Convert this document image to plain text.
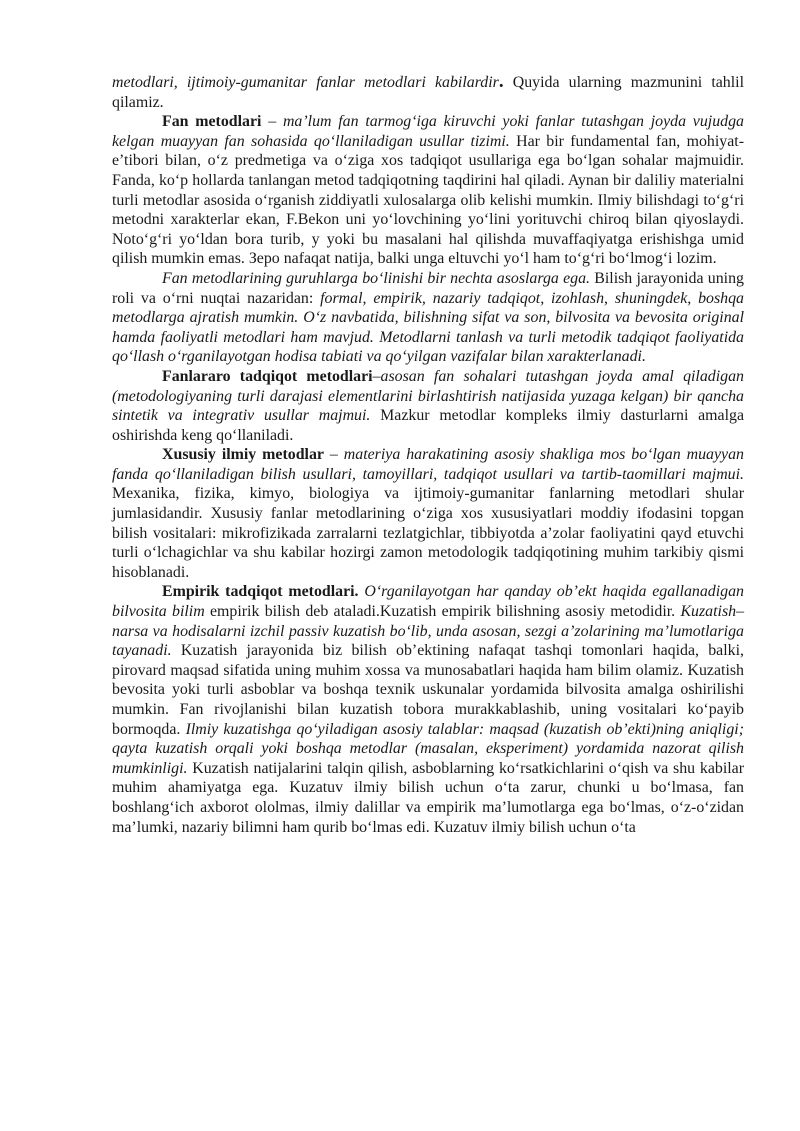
metodlari, ijtimoiy-gumanitar fanlar metodlari kabilardir. Quyida ularning mazmunini tahlil qilamiz.

Fan metodlari – ma’lum fan tarmog‘iga kiruvchi yoki fanlar tutashgan joyda vujudga kelgan muayyan fan sohasida qo‘llaniladigan usullar tizimi. Har bir fundamental fan, mohiyat-e’tibori bilan, o‘z predmetiga va o‘ziga xos tadqiqot usullariga ega bo‘lgan sohalar majmuidir. Fanda, ko‘p hollarda tanlangan metod tadqiqotning taqdirini hal qiladi. Aynan bir daliliy materialni turli metodlar asosida o‘rganish ziddiyatli xulosalarga olib kelishi mumkin. Ilmiy bilishdagi to‘g‘ri metodni xarakterlar ekan, F.Bekon uni yo‘lovchining yo‘lini yorituvchi chiroq bilan qiyoslaydi. Noto‘g‘ri yo‘ldan bora turib, y yoki bu masalani hal qilishda muvaffaqiyatga erishishga umid qilish mumkin emas. Зepo nafaqat natija, balki unga eltuvchi yo‘l ham to‘g‘ri bo‘lmog‘i lozim.

Fan metodlarining guruhlarga bo‘linishi bir nechta asoslarga ega. Bilish jarayonida uning roli va o‘rni nuqtai nazaridan: formal, empirik, nazariy tadqiqot, izohlash, shuningdek, boshqa metodlarga ajratish mumkin. O‘z navbatida, bilishning sifat va son, bilvosita va bevosita original hamda faoliyatli metodlari ham mavjud. Metodlarni tanlash va turli metodik tadqiqot faoliyatida qo‘llash o‘rganilayotgan hodisa tabiati va qo‘yilgan vazifalar bilan xarakterlanadi.

Fanlararo tadqiqot metodlari–asosan fan sohalari tutashgan joyda amal qiladigan (metodologiyaning turli darajasi elementlarini birlashtirish natijasida yuzaga kelgan) bir qancha sintetik va integrativ usullar majmui. Mazkur metodlar kompleks ilmiy dasturlarni amalga oshirishda keng qo‘llaniladi.

Xususiy ilmiy metodlar – materiya harakatining asosiy shakliga mos bo‘lgan muayyan fanda qo‘llaniladigan bilish usullari, tamoyillari, tadqiqot usullari va tartib-taomillari majmui. Mexanika, fizika, kimyo, biologiya va ijtimoiy-gumanitar fanlarning metodlari shular jumlasidandir. Xususiy fanlar metodlarining o‘ziga xos xususiyatlari moddiy ifodasini topgan bilish vositalari: mikrofizikada zarralarni tezlatgichlar, tibbiyotda a’zolar faoliyatini qayd etuvchi turli o‘lchagichlar va shu kabilar hozirgi zamon metodologik tadqiqotining muhim tarkibiy qismi hisoblanadi.

Empirik tadqiqot metodlari. O‘rganilayotgan har qanday ob’ekt haqida egallanadigan bilvosita bilim empirik bilish deb ataladi.Kuzatish empirik bilishning asosiy metodidir. Kuzatish–narsa va hodisalarni izchil passiv kuzatish bo‘lib, unda asosan, sezgi a’zolarining ma’lumotlariga tayanadi. Kuzatish jarayonida biz bilish ob’ektining nafaqat tashqi tomonlari haqida, balki, pirovard maqsad sifatida uning muhim xossa va munosabatlari haqida ham bilim olamiz. Kuzatish bevosita yoki turli asboblar va boshqa texnik uskunalar yordamida bilvosita amalga oshirilishi mumkin. Fan rivojlanishi bilan kuzatish tobora murakkablashib, uning vositalari ko‘payib bormoqda. Ilmiy kuzatishga qo‘yiladigan asosiy talablar: maqsad (kuzatish ob’ekti)ning aniqligi; qayta kuzatish orqali yoki boshqa metodlar (masalan, eksperiment) yordamida nazorat qilish mumkinligi. Kuzatish natijalarini talqin qilish, asboblarning ko‘rsatkichlarini o‘qish va shu kabilar muhim ahamiyatga ega. Kuzatuv ilmiy bilish uchun o‘ta zarur, chunki u bo‘lmasa, fan boshlang‘ich axborot ololmas, ilmiy dalillar va empirik ma’lumotlarga ega bo‘lmas, o‘z-o‘zidan ma’lumki, nazariy bilimni ham qurib bo‘lmas edi. Kuzatuv ilmiy bilish uchun o‘ta
